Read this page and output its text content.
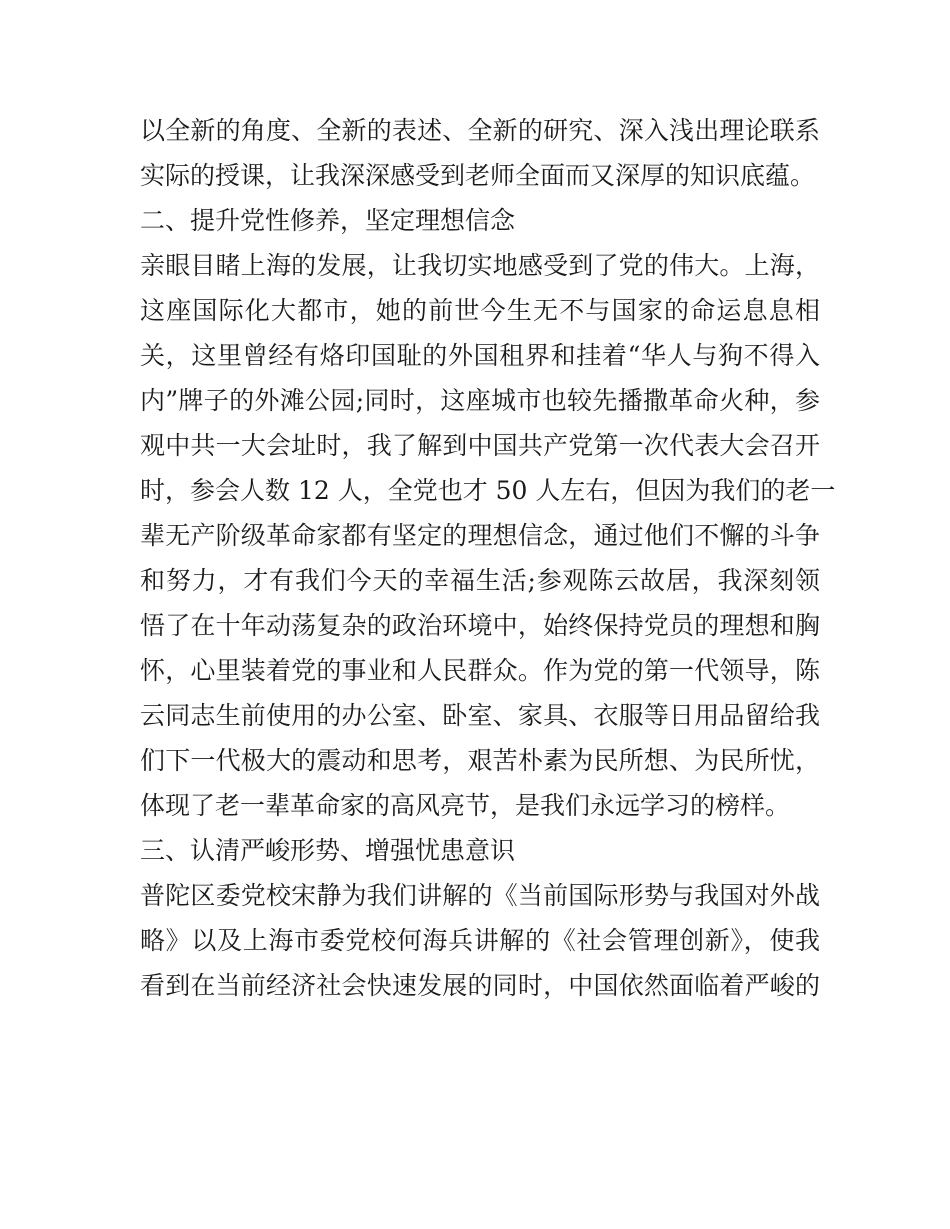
以全新的角度、全新的表述、全新的研究、深入浅出理论联系
实际的授课，让我深深感受到老师全面而又深厚的知识底蕴。
二、提升党性修养，坚定理想信念
亲眼目睹上海的发展，让我切实地感受到了党的伟大。上海，
这座国际化大都市，她的前世今生无不与国家的命运息息相
关，这里曾经有烙印国耻的外国租界和挂着“华人与狗不得入
内”牌子的外滩公园;同时，这座城市也较先播撒革命火种，参
观中共一大会址时，我了解到中国共产党第一次代表大会召开
时，参会人数 12 人，全党也才 50 人左右，但因为我们的老一
辈无产阶级革命家都有坚定的理想信念，通过他们不懈的斗争
和努力，才有我们今天的幸福生活;参观陈云故居，我深刻领
悟了在十年动荡复杂的政治环境中，始终保持党员的理想和胸
怀，心里装着党的事业和人民群众。作为党的第一代领导，陈
云同志生前使用的办公室、卧室、家具、衣服等日用品留给我
们下一代极大的震动和思考，艰苦朴素为民所想、为民所忧，
体现了老一辈革命家的高风亮节，是我们永远学习的榜样。
三、认清严峻形势、增强忧患意识
普陀区委党校宋静为我们讲解的《当前国际形势与我国对外战
略》以及上海市委党校何海兵讲解的《社会管理创新》，使我
看到在当前经济社会快速发展的同时，中国依然面临着严峻的
